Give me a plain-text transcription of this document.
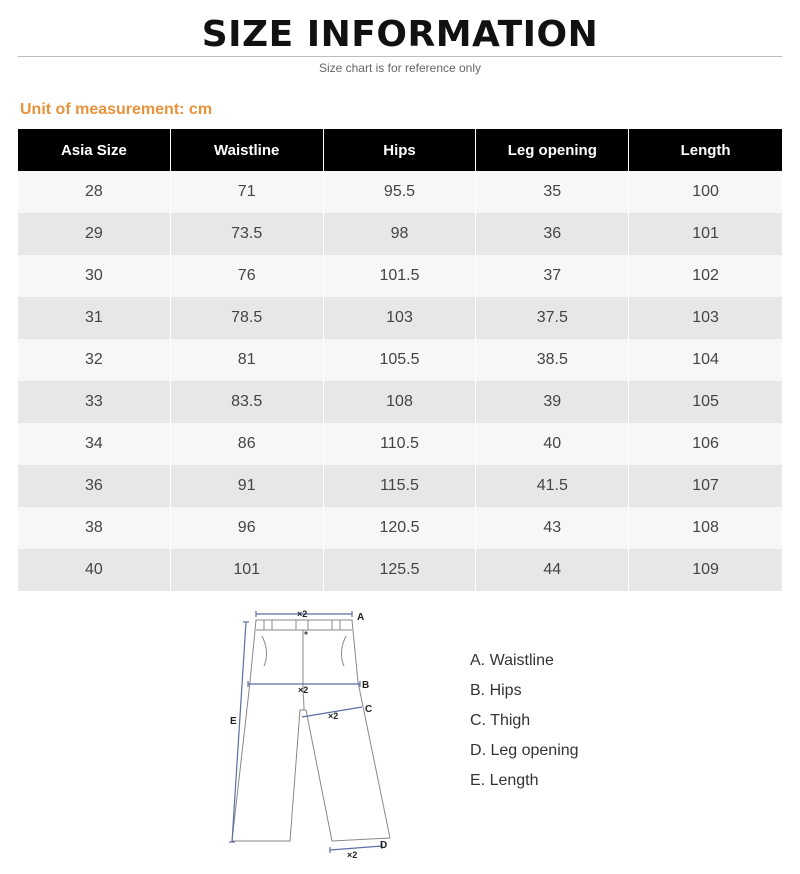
SIZE INFORMATION
Size chart is for reference only
Unit of measurement: cm
Asia Size	Waistline	Hips	Leg opening	Length
28	71	95.5	35	100
29	73.5	98	36	101
30	76	101.5	37	102
31	78.5	103	37.5	103
32	81	105.5	38.5	104
33	83.5	108	39	105
34	86	110.5	40	106
36	91	115.5	41.5	107
38	96	120.5	43	108
40	101	125.5	44	109
×2
×2
×2
×2
A
B
C
D
E
A . Waistline
B . Hips
C . Thigh
D . Leg opening
E . Length
